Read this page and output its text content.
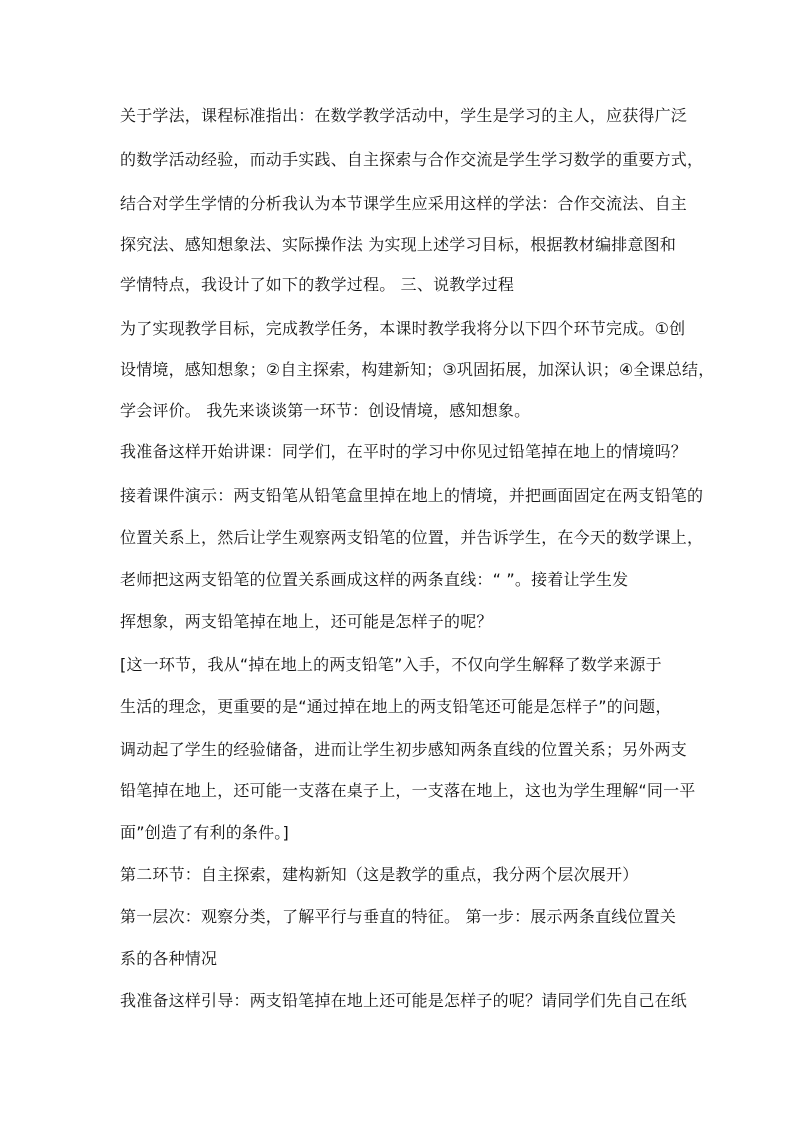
关于学法，课程标准指出：在数学教学活动中，学生是学习的主人，应获得广泛
的数学活动经验，而动手实践、自主探索与合作交流是学生学习数学的重要方式，
结合对学生学情的分析我认为本节课学生应采用这样的学法：合作交流法、自主
探究法、感知想象法、实际操作法 为实现上述学习目标，根据教材编排意图和
学情特点，我设计了如下的教学过程。 三、说教学过程
为了实现教学目标，完成教学任务，本课时教学我将分以下四个环节完成。①创
设情境，感知想象；②自主探索，构建新知；③巩固拓展，加深认识；④全课总结，
学会评价。 我先来谈谈第一环节：创设情境，感知想象。
我准备这样开始讲课：同学们，在平时的学习中你见过铅笔掉在地上的情境吗？
接着课件演示：两支铅笔从铅笔盒里掉在地上的情境，并把画面固定在两支铅笔的
位置关系上，然后让学生观察两支铅笔的位置，并告诉学生，在今天的数学课上，
老师把这两支铅笔的位置关系画成这样的两条直线：“ ”。接着让学生发
挥想象，两支铅笔掉在地上，还可能是怎样子的呢？
[这一环节，我从“掉在地上的两支铅笔”入手，不仅向学生解释了数学来源于
生活的理念，更重要的是“通过掉在地上的两支铅笔还可能是怎样子”的问题，
调动起了学生的经验储备，进而让学生初步感知两条直线的位置关系；另外两支
铅笔掉在地上，还可能一支落在桌子上，一支落在地上，这也为学生理解“同一平
面”创造了有利的条件。]
第二环节：自主探索，建构新知（这是教学的重点，我分两个层次展开）
第一层次：观察分类，了解平行与垂直的特征。 第一步：展示两条直线位置关
系的各种情况
我准备这样引导：两支铅笔掉在地上还可能是怎样子的呢？请同学们先自己在纸
